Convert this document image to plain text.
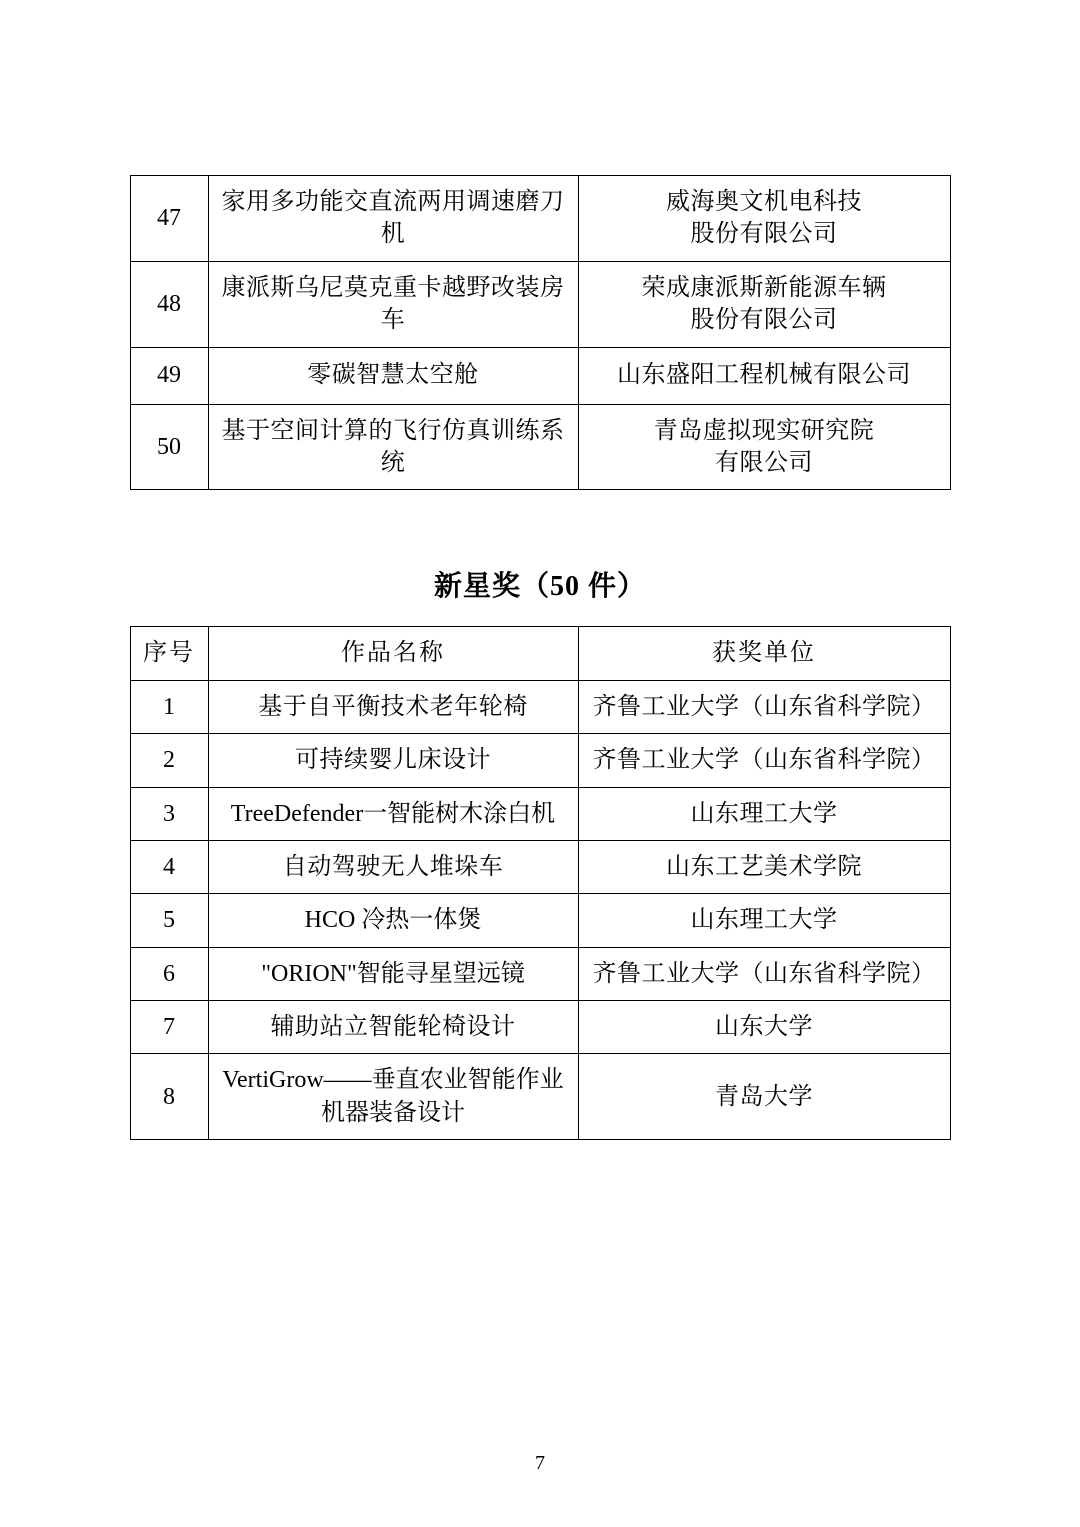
47	家用多功能交直流两用调速磨刀机	威海奥文机电科技
股份有限公司
48	康派斯乌尼莫克重卡越野改装房车	荣成康派斯新能源车辆
股份有限公司
49	零碳智慧太空舱	山东盛阳工程机械有限公司
50	基于空间计算的飞行仿真训练系统	青岛虚拟现实研究院
有限公司
新星奖（50 件）
序号	作品名称	获奖单位
1	基于自平衡技术老年轮椅	齐鲁工业大学（山东省科学院）
2	可持续婴儿床设计	齐鲁工业大学（山东省科学院）
3	TreeDefender一智能树木涂白机	山东理工大学
4	自动驾驶无人堆垛车	山东工艺美术学院
5	HCO 冷热一体煲	山东理工大学
6	"ORION"智能寻星望远镜	齐鲁工业大学（山东省科学院）
7	辅助站立智能轮椅设计	山东大学
8	VertiGrow——垂直农业智能作业机器装备设计	青岛大学
7
